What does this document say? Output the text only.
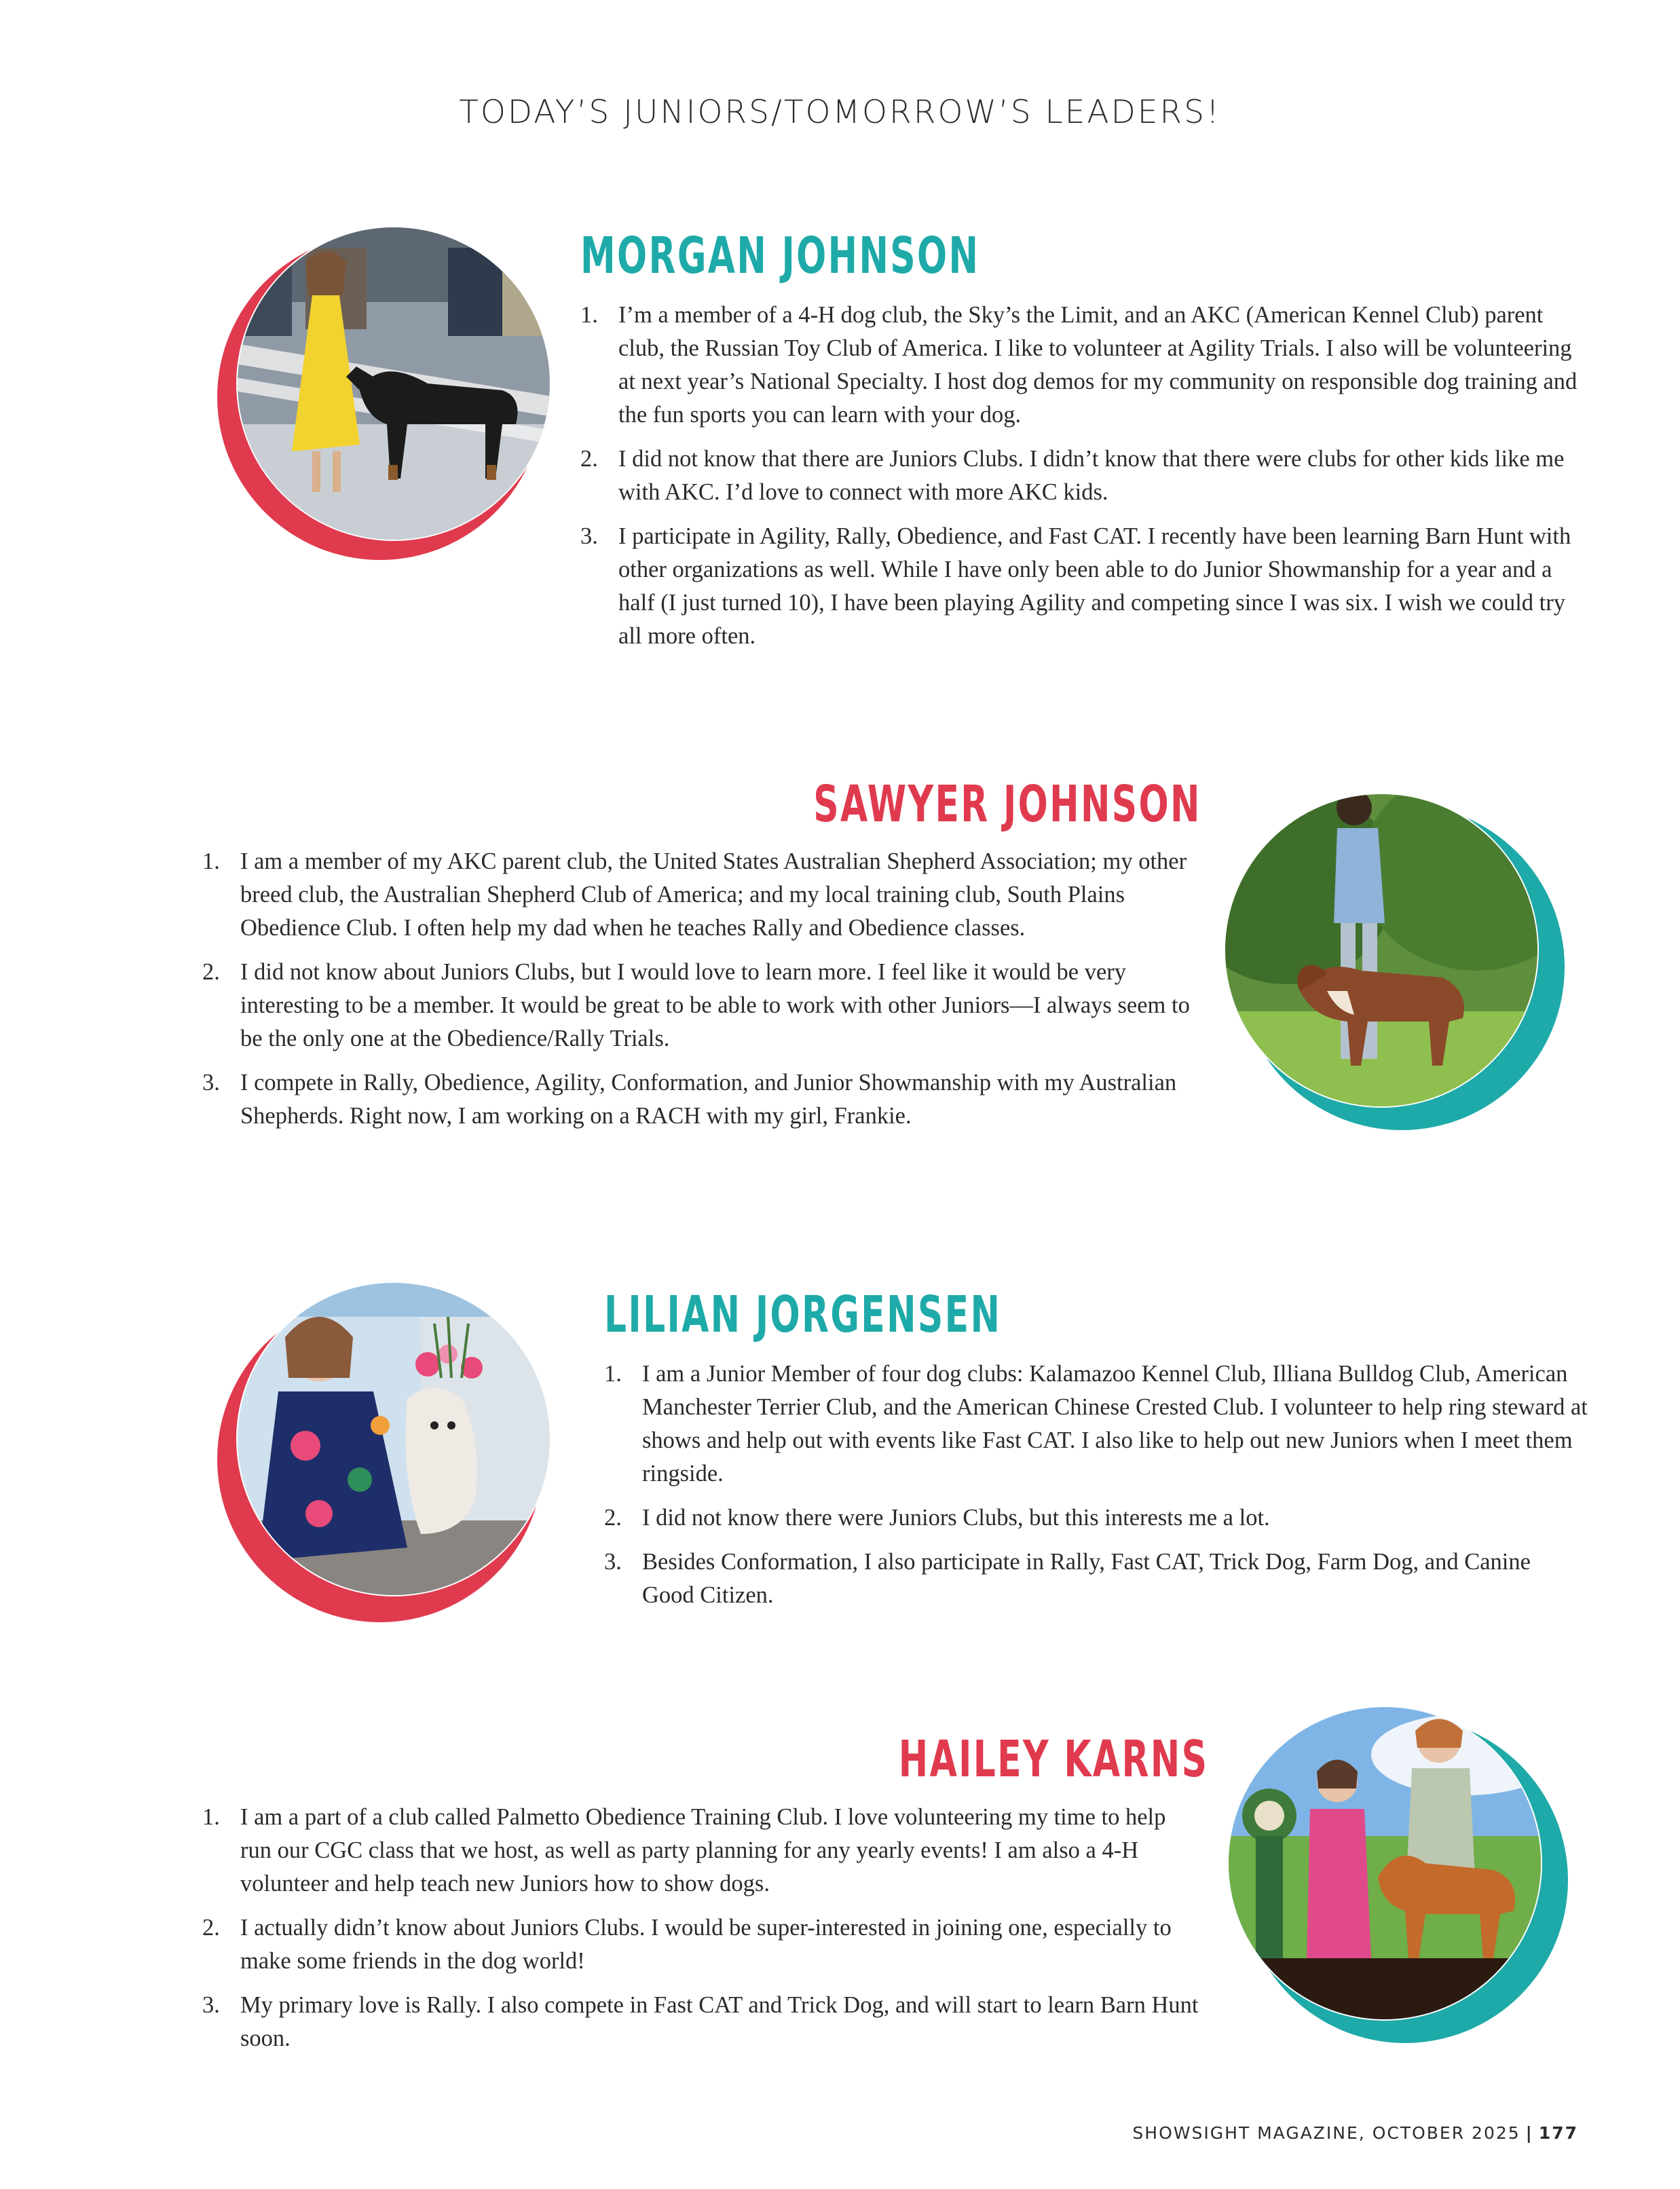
TODAY’S JUNIORS/TOMORROW’S LEADERS!
MORGAN JOHNSON
1. I’m a member of a 4-H dog club, the Sky’s the Limit, and an AKC (American Kennel Club) parent club, the Russian Toy Club of America. I like to volunteer at Agility Trials. I also will be volunteering at next year’s National Specialty. I host dog demos for my community on responsible dog training and the fun sports you can learn with your dog.
2. I did not know that there are Juniors Clubs. I didn’t know that there were clubs for other kids like me with AKC. I’d love to connect with more AKC kids.
3. I participate in Agility, Rally, Obedience, and Fast CAT. I recently have been learning Barn Hunt with other organizations as well. While I have only been able to do Junior Showmanship for a year and a half (I just turned 10), I have been playing Agility and competing since I was six. I wish we could try all more often.
SAWYER JOHNSON
1. I am a member of my AKC parent club, the United States Australian Shepherd Association; my other breed club, the Australian Shepherd Club of America; and my local training club, South Plains Obedience Club. I often help my dad when he teaches Rally and Obedience classes.
2. I did not know about Juniors Clubs, but I would love to learn more. I feel like it would be very interesting to be a member. It would be great to be able to work with other Juniors—I always seem to be the only one at the Obedience/Rally Trials.
3. I compete in Rally, Obedience, Agility, Conformation, and Junior Showmanship with my Australian Shepherds. Right now, I am working on a RACH with my girl, Frankie.
LILIAN JORGENSEN
1. I am a Junior Member of four dog clubs: Kalamazoo Kennel Club, Illiana Bulldog Club, American Manchester Terrier Club, and the American Chinese Crested Club. I volunteer to help ring steward at shows and help out with events like Fast CAT. I also like to help out new Juniors when I meet them ringside.
2. I did not know there were Juniors Clubs, but this interests me a lot.
3. Besides Conformation, I also participate in Rally, Fast CAT, Trick Dog, Farm Dog, and Canine Good Citizen.
HAILEY KARNS
1. I am a part of a club called Palmetto Obedience Training Club. I love volunteering my time to help run our CGC class that we host, as well as party planning for any yearly events! I am also a 4-H volunteer and help teach new Juniors how to show dogs.
2. I actually didn’t know about Juniors Clubs. I would be super-interested in joining one, especially to make some friends in the dog world!
3. My primary love is Rally. I also compete in Fast CAT and Trick Dog, and will start to learn Barn Hunt soon.
SHOWSIGHT MAGAZINE, OCTOBER 2025 | 177
